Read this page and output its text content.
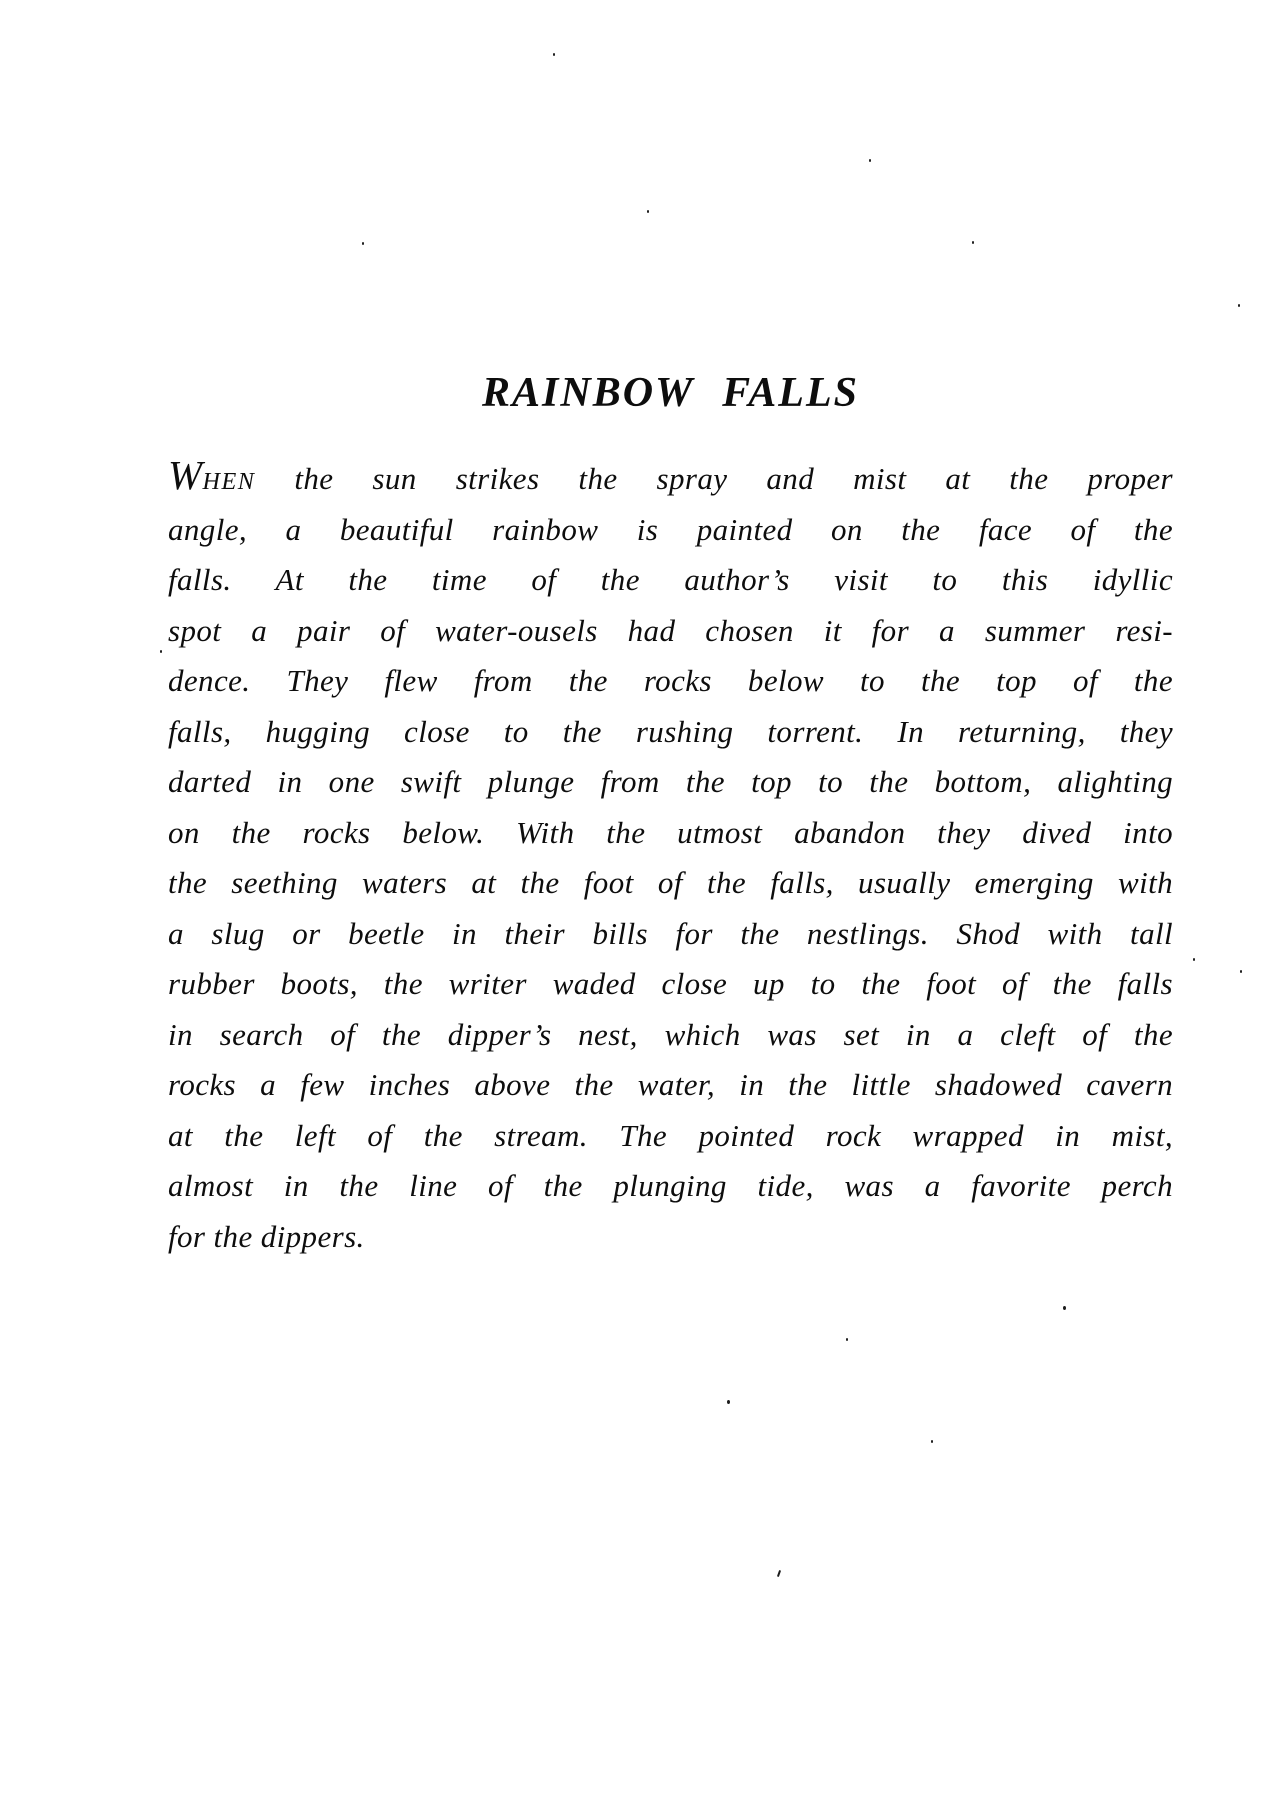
RAINBOW FALLS
WHEN the sun strikes the spray and mist at the proper
angle, a beautiful rainbow is painted on the face of the
falls. At the time of the author’s visit to this idyllic
spot a pair of water-ousels had chosen it for a summer resi-
dence. They flew from the rocks below to the top of the
falls, hugging close to the rushing torrent. In returning, they
darted in one swift plunge from the top to the bottom, alighting
on the rocks below. With the utmost abandon they dived into
the seething waters at the foot of the falls, usually emerging with
a slug or beetle in their bills for the nestlings. Shod with tall
rubber boots, the writer waded close up to the foot of the falls
in search of the dipper’s nest, which was set in a cleft of the
rocks a few inches above the water, in the little shadowed cavern
at the left of the stream. The pointed rock wrapped in mist,
almost in the line of the plunging tide, was a favorite perch
for the dippers.
